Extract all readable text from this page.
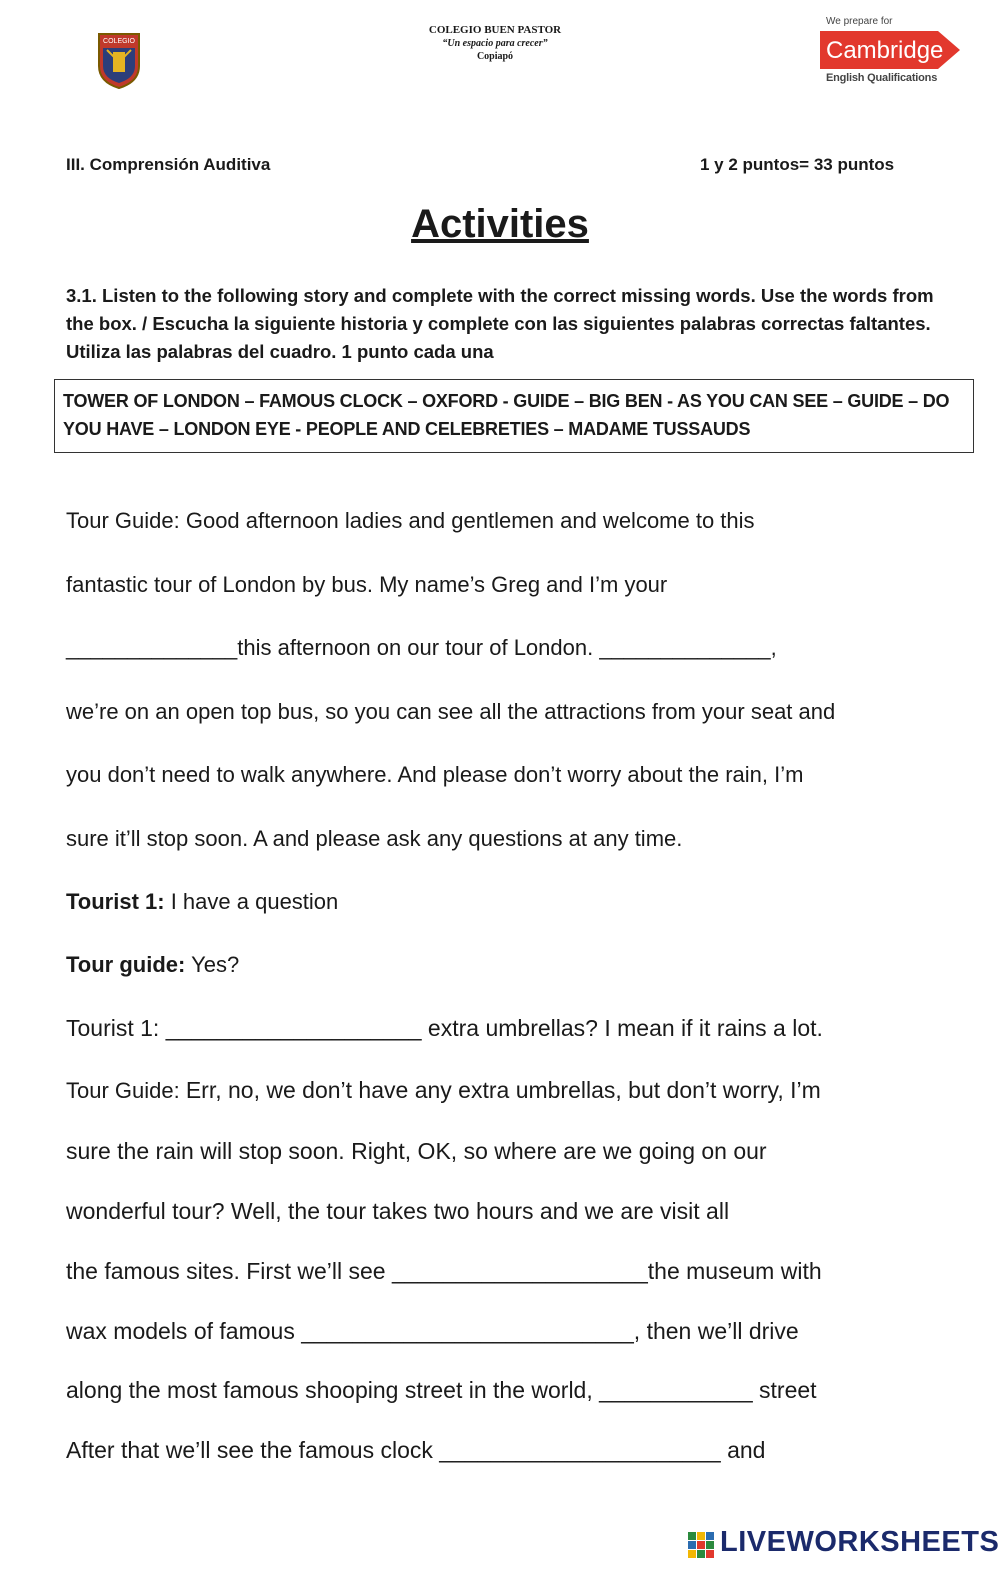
COLEGIO
COLEGIO BUEN PASTOR
“Un espacio para crecer”
Copiapó
We prepare for
Cambridge
English Qualifications
III. Comprensión Auditiva	1 y 2 puntos= 33 puntos
Activities
3.1. Listen to the following story and complete with the correct missing words. Use the words from the box. / Escucha la siguiente historia y complete con las siguientes palabras correctas faltantes. Utiliza las palabras del cuadro. 1 punto cada una
TOWER OF LONDON – FAMOUS CLOCK – OXFORD - GUIDE – BIG BEN - AS YOU CAN SEE – GUIDE – DO YOU HAVE – LONDON EYE - PEOPLE AND CELEBRETIES – MADAME TUSSAUDS
Tour Guide: Good afternoon ladies and gentlemen and welcome to this
fantastic tour of London by bus. My name’s Greg and I’m your
______________this afternoon on our tour of London. ______________,
we’re on an open top bus, so you can see all the attractions from your seat and
you don’t need to walk anywhere. And please don’t worry about the rain, I’m
sure it’ll stop soon. A and please ask any questions at any time.
Tourist 1: I have a question
Tour guide: Yes?
Tourist 1: ____________________ extra umbrellas? I mean if it rains a lot.
Tour Guide: Err, no, we don’t have any extra umbrellas, but don’t worry, I’m
sure the rain will stop soon. Right, OK, so where are we going on our
wonderful tour? Well, the tour takes two hours and we are visit all
the famous sites. First we’ll see ____________________the museum with
wax models of famous __________________________, then we’ll drive
along the most famous shooping street in the world, ____________ street
After that we’ll see the famous clock ______________________ and
LIVEWORKSHEETS
